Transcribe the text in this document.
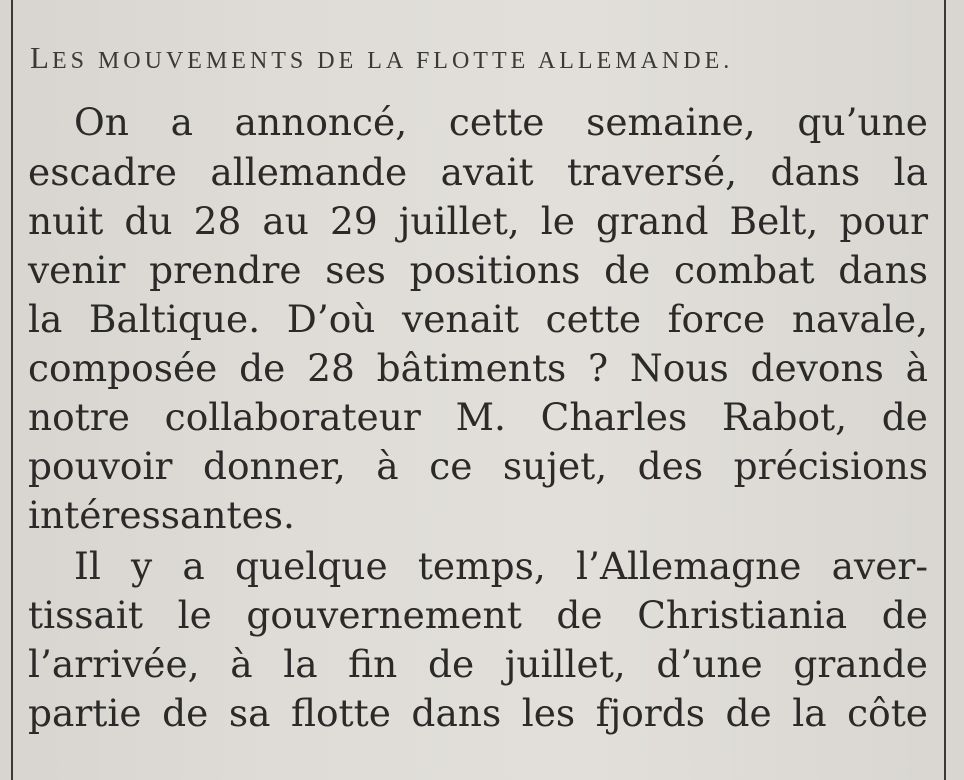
LES MOUVEMENTS DE LA FLOTTE ALLEMANDE.
On a annoncé, cette semaine, qu’une
escadre allemande avait traversé, dans la
nuit du 28 au 29 juillet, le grand Belt, pour
venir prendre ses positions de combat dans
la Baltique. D’où venait cette force navale,
composée de 28 bâtiments ? Nous devons à
notre collaborateur M. Charles Rabot, de
pouvoir donner, à ce sujet, des précisions
intéressantes.
Il y a quelque temps, l’Allemagne aver-
tissait le gouvernement de Christiania de
l’arrivée, à la fin de juillet, d’une grande
partie de sa flotte dans les fjords de la côte
